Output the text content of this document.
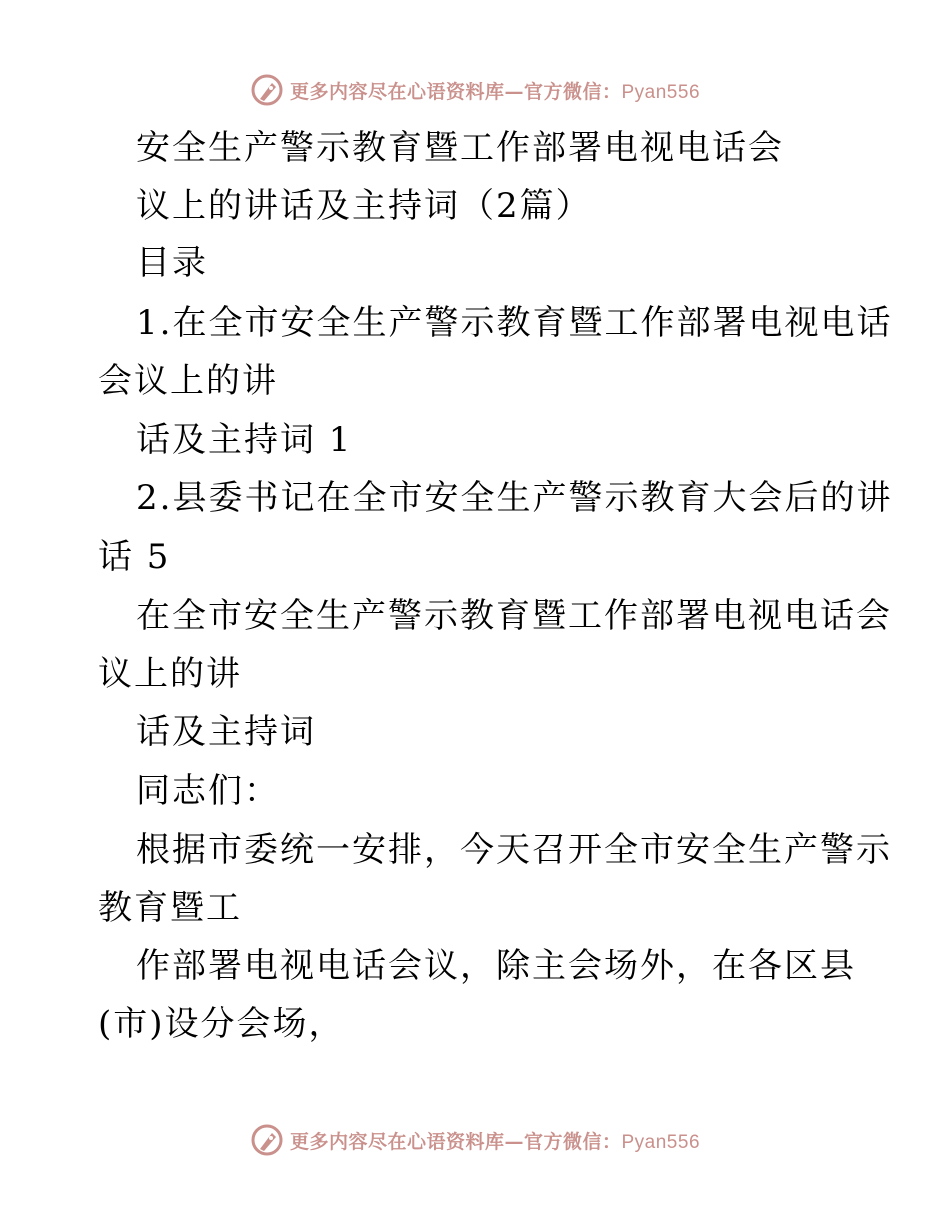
更多内容尽在心语资料库—官方微信：Pyan556
安全生产警示教育暨工作部署电视电话会
议上的讲话及主持词（2篇）
目录
1.在全市安全生产警示教育暨工作部署电视电话
会议上的讲
话及主持词 1
2.县委书记在全市安全生产警示教育大会后的讲
话 5
在全市安全生产警示教育暨工作部署电视电话会
议上的讲
话及主持词
同志们：
根据市委统一安排，今天召开全市安全生产警示
教育暨工
作部署电视电话会议，除主会场外，在各区县
(市)设分会场，
更多内容尽在心语资料库—官方微信：Pyan556
